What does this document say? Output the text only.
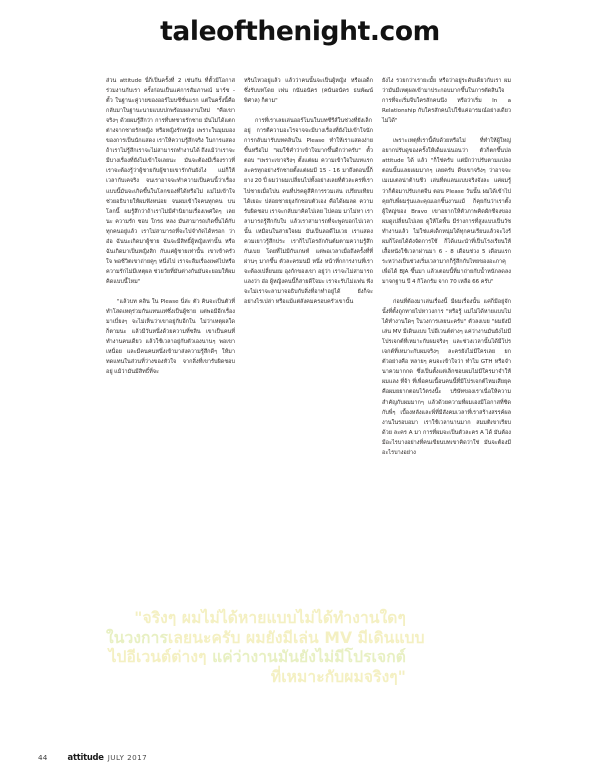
taleofthenight.com

ส่วน attitude นี่ก็เป็นครั้งที่ 2 เช่นกัน ที่ตั้วมีโอกาสร่วมงานกับเรา ครั้งก่อนเป็นแค่การสัมภาษณ์ มาร์ช - ตั้ว ในฐานะคู่วายของออร์ไมบซีชั่นแรก แต่ในครั้งนี้คือกลับมาในฐานะนายแบบปกพร้อมผลงานใหม่ "คือเขาจริงๆ ด้วยผมรู้สึกว่า การที่บทชายรักชาย มันไม่ได้แตกต่างจากชายรักหญิง หรือหญิงรักหญิง เพราะในมุมมองของการเป็นนักแสดง เราให้ความรู้สึกจริง ในการแสดง ถ้าเราไม่รู้สึกเราจะไม่สามารถทำงานได้ ถึงแม้ว่าเราจะมีบางเรื่องที่ยังไม่เข้าใจเลยนะ มันจะต้องมีเรื่องราวที่เราจะต้องรู้ว่าผู้ชายกับผู้ชายเขารักกันยังไง แม่ก็ให้เวลากับเคจริง จนเราอาจจะทำความเป็นคนนี้ว่าเรื่องแบบนี้มันจะเกิดขึ้นในโลกของที่ได้หรือไม่ แม่ไม่เข้าใจ ช่วยอธิบายให้ผมฟังหน่อย จนผมเข้าใจคนทุกคน บนโลกนี้ ผมรู้สึกว่าถ้าเราไม่มีคำนิยามเรื่องเพศใดๆ เลยนะ ความรัก ชอบ ใกรธ หลง มันสามารถเกิดขึ้นได้กับทุกคนอยู่แล้ว เราไม่สามารถที่จะไปจำกัดได้หรอก ว่า อ๋อ ฉันนะเกิดมาผู้ชาย ฉันจะมีสิทธิ์ผู้หญิงเท่านั้น หรือฉันเกิดมาเป็นหญิงสิก กับแค่ผู้ชายเท่านั้น เขาเข้าครัวใจ พอชีวิตเขาถ่ายคูๆ หนึ่งไป เราจะลืมเรื่องเพศไปหรือ ความรักไม่มีเหตุผล ช่วยวัยที่มันต่างกันมันจะยอมให้ผมคิดแบบนี้ไหม"

"แล้วบท คลิน ใน Please นี่ล่ะ ตัว คินจะเป็นตัวที่ทำโสดเหตุร่วมกันแทนแท่ซึ่งเป็นผู้ชาย แต่พอมีอีกเรื่องมาเบี่ยงๆ จะไม่เห็นว่าเขาอยู่กับอีกใน ไม่ว่าเหตุผลใดก็ตามนะ แล้วมีวันหนึ่งด้วยความที่ซลิน เขาเป็นคนที่ทำงานคนเดียว แล้วใช้เวลาอยู่กับตัวเองนานๆ พอเขาเหนื่อย และมีคนคนหนึ่งเข้ามาส่งความรู้สึกดีๆ ให้มาทดแทนในส่วนที่ว่างของหัวใจ จากสิ่งที่เขารับผิดชอบอยู่ แม้ว่ามันมีสิทธิ์ที่จะ

หรินไหวอยู่แล้ว แล้วว่าคนนั้นจะเป็นผู้หญิง หรือเอด็ก ซึ่งรับบทโดย เฟน กนันอนัคร (คนันอนัคร ธนพัฒน์พิศาล) ก็ตาม"

การที่เราเลยเล่นออร์โมนในบทซีรีส์ในช่วงที่ยังเล็กอยู่ การตีความอะไรจาจจะมีบางเรื่องที่ยังไม่เข้าใจนัก การกลับมารับบทคลินใน Please ทำให้เราแสดงง่ายขึ้นหรือไม่ "ผมใช้คำว่าเข้าใจมากขึ้นดีกว่าครับ" ตั้วตอบ "เพราะเขาจริงๆ ตั้งแต่ผม ความเข้าใจในบทแรกละครทุกอย่างรักชายตั้งแต่ผมมี 15 - 16 มาถึงตอนนี้ก็ยาง 20 ปี่ ผมว่าผมเปลี่ยนไปทั้งอย่างเลยที่ตัวละครที่เราไปชายเมื่อไปน คนที่ปรคดูสีคิการรวมเล่น เปรียบเทียบได้เยอะ ปล่อยชายยุงกักชอบตัวเอง คือได้ผมลด ความรับผิดชอบ เราจะกลับมาคิดไปเลย ไปคอม มาไม่หา เราลามารถรู้สึกกับใบ แล้วเราสามารถที่จะพูดบอกไปเวลานั้น เหมือนในสายใจผม มันเป็นลอดีไมเวย เราแสดงควมเยาวรู้สึกประ เราก็ไปโดรถักกันต์มตามความรู้สึกกันเบย โดยที่ไม่มีกับเกษท์ แต่พอเวลาเมื่อถึงครั้งที่ที่ผ่านๆ มากขึ้น ตัวละครมนมี หนึ่ง หน้าที่กการงานที่เราจะต้องเปลี่ยนยม อุงกักของเขา อยู่ว่า เราจะไม่สามารถแลงว่า อ๋อ ผู้หญิงคนนี้ก็สายดีใจมะ เราจะรับไม่แฟน ฟังจะไม่เราจะลามาจอธิบกับสิ่งที่อาทำอยู่ได้ ยังก็จะอย่างไรเปล่า หรือแม้แต่ลังคมครอบครัวเขานั้น

ยังไง รวยกว่าเรายะมั้ย หรือว่าอยู่ระดับเดียวกับเรา ผมว่ามันมีเหตุผลเข้ามาประกอบมากขึ้นในการตัดสินใจ การที่จะเริ่มจีบใครสักคนนึง หรือว่าเริ่ม In a Relationship กับใครสักคนไปใช้แค่อารมณ์อย่างเดียวไม่ได้"

เพราะเหตุที่เรานี้ดับด้วยหรือไม่ ที่ทำให้ผู้ใหญ่อยากปรับดูของครั้งให้เด็มแน่นอนว่า ตัวก็ตกขึ้นปล attitude ได้ แล้ว "ก็ใช่ครับ แต่มีกว่าปรับตามแปลงตอนนั้นแลยเผมมากๆ เลยครับ ดีขเขาจริงๆ ว่าอาจจะเมเมเตลน่าต้านชีว เล่นที่ตแลนแบบจริงจังละ แค่ผมรู้ว่าก็ต้อมาปรับเกตจีน ตอน Please วันนั้น ผมได้เข้าไปคุยกับพี่ผมรุ่นและคุณเอกชิ้นงานแม้ ก็คุยกันว่าเราตั้งผู้ใหญ่ของ Bravo เขาอยากให้ตัวภาพคิดผักชีจงของผมดูเปลี่ยนไปเลย ดูให้โดพื้น มีร่างการที่สูงแบบเป็นวัชทำงานแล้ว ไม่ใช่แค่เด็กหนุ่มได้ทุกคนเรียนแล้วจะไงร้ ผมก็โดยได้ดังจัดการใช้ ก็ได้แนะนำที่เป็นโรงเรียนให้เสื้อหนังใช้เวลาผ่านมา 6 - 8 เดือนช่วง 5 เดือนแรกระหว่างเป็นช่วงเริ่มเวลามากก็รู้สึกกับไทยของอะภาคุ เพื่อได้ BJA ขึ้นมา แล้วเตอบนี้ที่มาถ่ายกับน้ำหนักลดลงมาจกฐาน ปี 4 กิโลกรัม จาก 70 เหลือ 66 ครับ"

ก่อนที่ต้องมาเล่นเรื่องนี้ มีผมเรื่องนั้น แค่ก็มีอยู่จักนั้งที่ตั้งถูกทายไปหาวงการ "หรือรู้ แม่ไม่ได้หายแบบไม่ได้ทำงานใดๆ ในวงการเลยนะครับ" ตัวลงเบย "ผมยังมีเล่น MV มีเดินแบบ ไปอีเวนต์ต่างๆ แค่ว่างานมันยังไม่มีโปรเจกต์ที่เหมาะกับผมจริงๆ และช่วงเวลานั้นได้มีโปรเจกต์ที่เหมาะกับผมจริงๆ ละครยังไม่มีใครเลย ยกตัวอย่างคือ หลายๆ คนจะเข้าใจว่า ทำไม GTH หรือจำนาควมากกด ซึ่งเป็นตั้งแต่เล็กชอบผมไม่มีใครมาจำให้ผมแลง ที่จ้า ที่เพื่อคนเนื้อนคนนี้ที่มีโปรเจกต์ไหมเสียยุค คือผมยยากตอบไว้ตรงนี้ะ บริษัทของเราเนื่อให้ความสำคัญกับผมมากๆ แล้วด้วยความที่ผมเองมีโอกาสที่ชิดกับพี่ๆ เบื้องหลังและพี่ที่มีสังคมเวลาที่เราสร้างสรรค์ผลงานในรอบอมา เราใช้เวลานานมาก สมมติเขาเรียบด้วย ละคร A มา การที่ผมจะเป็นตัวละคร A ได้ มันต้องมีอะไรบางอย่างที่คนเขียนบทเขาคิดว่าใช่ มันจะต้องมีอะไรบางอย่าง

"จริงๆ ผมไม่ได้หายแบบไม่ได้ทำงานใดๆ
ในวงการเลยนะครับ ผมยังมีเล่น MV มีเดินแบบ
ไปอีเวนต์ต่างๆ แค่ว่างานมันยังไม่มีโปรเจกต์
ที่เหมาะกับผมจริงๆ"
44 attitude JULY 2017
